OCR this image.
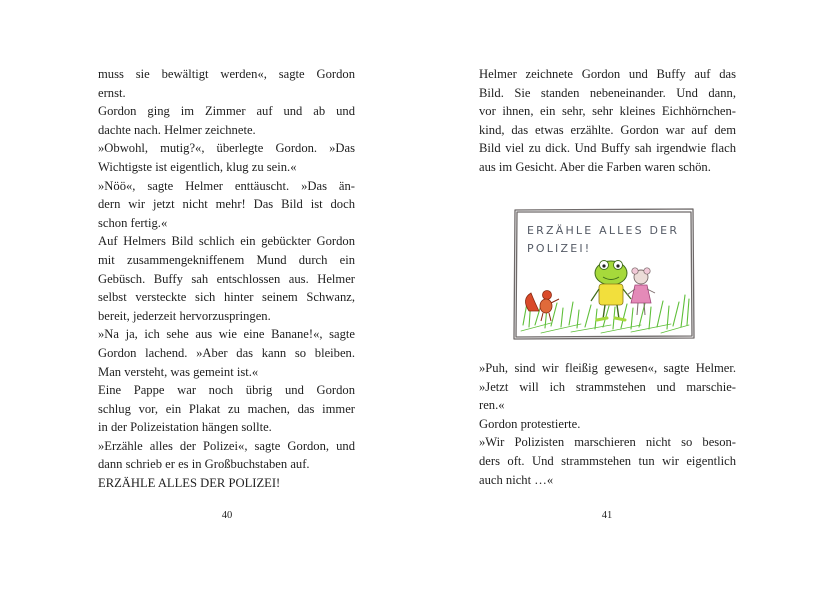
muss sie bewältigt werden«, sagte Gordon
ernst.
Gordon ging im Zimmer auf und ab und
dachte nach. Helmer zeichnete.
»Obwohl, mutig?«, überlegte Gordon. »Das
Wichtigste ist eigentlich, klug zu sein.«
»Nöö«, sagte Helmer enttäuscht. »Das än-
dern wir jetzt nicht mehr! Das Bild ist doch
schon fertig.«
Auf Helmers Bild schlich ein gebückter Gordon
mit zusammengekniffenem Mund durch ein
Gebüsch. Buffy sah entschlossen aus. Helmer
selbst versteckte sich hinter seinem Schwanz,
bereit, jederzeit hervorzuspringen.
»Na ja, ich sehe aus wie eine Banane!«, sagte
Gordon lachend. »Aber das kann so bleiben.
Man versteht, was gemeint ist.«
Eine Pappe war noch übrig und Gordon
schlug vor, ein Plakat zu machen, das immer
in der Polizeistation hängen sollte.
»Erzähle alles der Polizei«, sagte Gordon, und
dann schrieb er es in Großbuchstaben auf.
ERZÄHLE ALLES DER POLIZEI!
40
Helmer zeichnete Gordon und Buffy auf das
Bild. Sie standen nebeneinander. Und dann,
vor ihnen, ein sehr, sehr kleines Eichhörnchen-
kind, das etwas erzählte. Gordon war auf dem
Bild viel zu dick. Und Buffy sah irgendwie flach
aus im Gesicht. Aber die Farben waren schön.
ERZÄHLE ALLES DER
POLIZEI!
»Puh, sind wir fleißig gewesen«, sagte Helmer.
»Jetzt will ich strammstehen und marschie-
ren.«
Gordon protestierte.
»Wir Polizisten marschieren nicht so beson-
ders oft. Und strammstehen tun wir eigentlich
auch nicht …«
41
